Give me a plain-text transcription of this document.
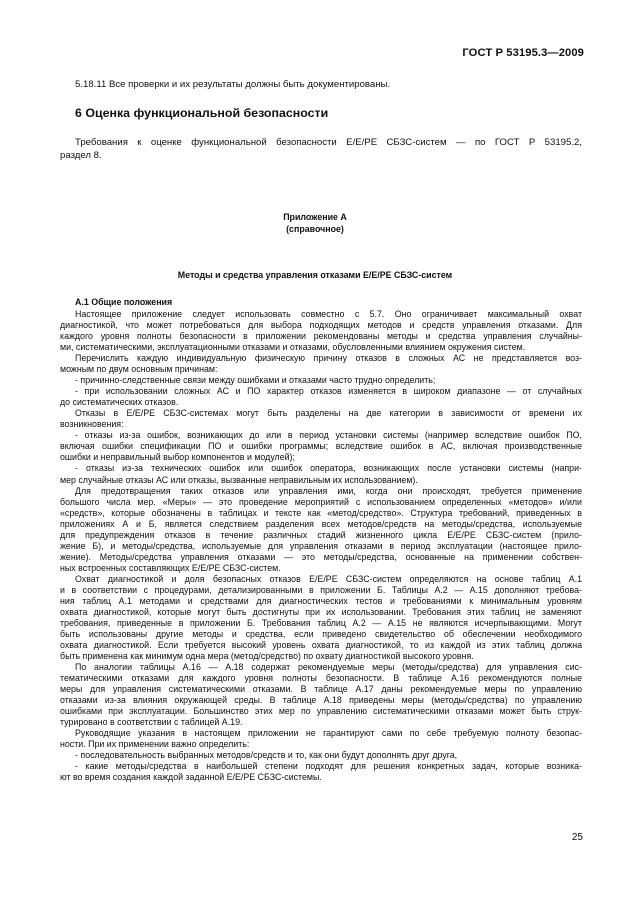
ГОСТ Р 53195.3—2009
5.18.11 Все проверки и их результаты должны быть документированы.
6 Оценка функциональной безопасности
Требования к оценке функциональной безопасности Е/Е/РЕ СБЗС-систем — по ГОСТ Р 53195.2,
раздел 8.
Приложение А
(справочное)
Методы и средства управления отказами Е/Е/РЕ СБЗС-систем
А.1 Общие положения
Настоящее приложение следует использовать совместно с 5.7. Оно ограничивает максимальный охват
диагностикой, что может потребоваться для выбора подходящих методов и средств управления отказами. Для
каждого уровня полноты безопасности в приложении рекомендованы методы и средства управления случайны-
ми, систематическими, эксплуатационными отказами и отказами, обусловленными влиянием окружения систем.
Перечислить каждую индивидуальную физическую причину отказов в сложных АС не представляется воз-
можным по двум основным причинам:
- причинно-следственные связи между ошибками и отказами часто трудно определить;
- при использовании сложных АС и ПО характер отказов изменяется в широком диапазоне — от случайных
до систематических отказов.
Отказы в Е/Е/РЕ СБЗС-системах могут быть разделены на две категории в зависимости от времени их
возникновения:
- отказы из-за ошибок, возникающих до или в период установки системы (например вследствие ошибок ПО,
включая ошибки спецификации ПО и ошибки программы; вследствие ошибок в АС, включая производственные
ошибки и неправильный выбор компонентов и модулей);
- отказы из-за технических ошибок или ошибок оператора, возникающих после установки системы (напри-
мер случайные отказы АС или отказы, вызванные неправильным их использованием).
Для предотвращения таких отказов или управления ими, когда они происходят, требуется применение
большого числа мер. «Меры» — это проведение мероприятий с использованием определенных «методов» и/или
«средств», которые обозначены в таблицах и тексте как «метод/средство». Структура требований, приведенных в
приложениях А и Б, является следствием разделения всех методов/средств на методы/средства, используемые
для предупреждения отказов в течение различных стадий жизненного цикла Е/Е/РЕ СБЗС-систем (прило-
жение Б), и методы/средства, используемые для управления отказами в период эксплуатации (настоящее прило-
жение). Методы/средства управления отказами — это методы/средства, основанные на применении собствен-
ных встроенных составляющих Е/Е/РЕ СБЗС-систем.
Охват диагностикой и доля безопасных отказов Е/Е/РЕ СБЗС-систем определяются на основе таблиц А.1
и в соответствии с процедурами, детализированными в приложении Б. Таблицы А.2 — А.15 дополняют требова-
ния таблиц А.1 методами и средствами для диагностических тестов и требованиями к минимальным уровням
охвата диагностикой, которые могут быть достигнуты при их использовании. Требования этих таблиц не заменяют
требования, приведенные в приложении Б. Требования таблиц А.2 — А.15 не являются исчерпывающими. Могут
быть использованы другие методы и средства, если приведено свидетельство об обеспечении необходимого
охвата диагностикой. Если требуется высокий уровень охвата диагностикой, то из каждой из этих таблиц должна
быть применена как минимум одна мера (метод/средство) по охвату диагностикой высокого уровня.
По аналогии таблицы А.16 — А.18 содержат рекомендуемые меры (методы/средства) для управления сис-
тематическими отказами для каждого уровня полноты безопасности. В таблице А.16 рекомендуются полные
меры для управления систематическими отказами. В таблице А.17 даны рекомендуемые меры по управлению
отказами из-за влияния окружающей среды. В таблице А.18 приведены меры (методы/средства) по управлению
ошибками при эксплуатации. Большинство этих мер по управлению систематическими отказами может быть струк-
турировано в соответствии с таблицей А.19.
Руководящие указания в настоящем приложении не гарантируют сами по себе требуемую полноту безопас-
ности. При их применении важно определить:
- последовательность выбранных методов/средств и то, как они будут дополнять друг друга,
- какие методы/средства в наибольшей степени подходят для решения конкретных задач, которые возника-
ют во время создания каждой заданной Е/Е/РЕ СБЗС-системы.
25
